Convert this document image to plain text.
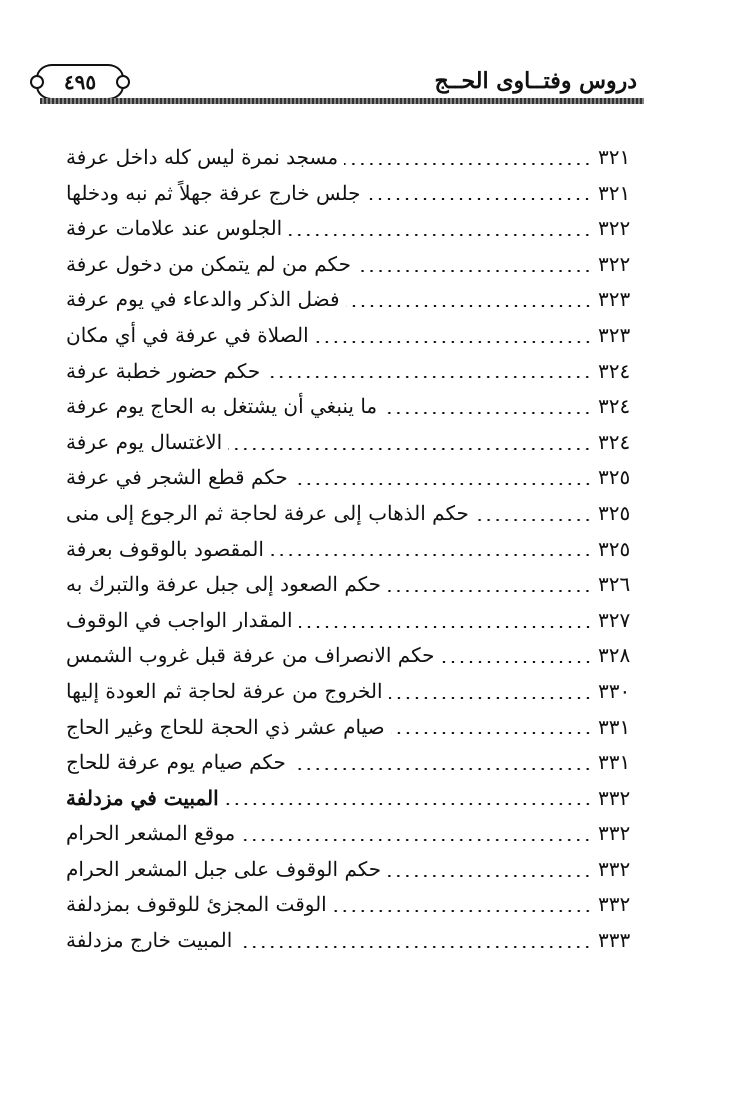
دروس وفتــاوى الحــج
٤٩٥
مسجد نمرة ليس كله داخل عرفة	٣٢١
جلس خارج عرفة جهلاً ثم نبه ودخلها	٣٢١
الجلوس عند علامات عرفة	٣٢٢
حكم من لم يتمكن من دخول عرفة	٣٢٢
فضل الذكر والدعاء في يوم عرفة	٣٢٣
الصلاة في عرفة في أي مكان	٣٢٣
حكم حضور خطبة عرفة	٣٢٤
ما ينبغي أن يشتغل به الحاج يوم عرفة	٣٢٤
الاغتسال يوم عرفة	٣٢٤
حكم قطع الشجر في عرفة	٣٢٥
حكم الذهاب إلى عرفة لحاجة ثم الرجوع إلى منى	٣٢٥
المقصود بالوقوف بعرفة	٣٢٥
حكم الصعود إلى جبل عرفة والتبرك به	٣٢٦
المقدار الواجب في الوقوف	٣٢٧
حكم الانصراف من عرفة قبل غروب الشمس	٣٢٨
الخروج من عرفة لحاجة ثم العودة إليها	٣٣٠
صيام عشر ذي الحجة للحاج وغير الحاج	٣٣١
حكم صيام يوم عرفة للحاج	٣٣١
المبيت في مزدلفة	٣٣٢
موقع المشعر الحرام	٣٣٢
حكم الوقوف على جبل المشعر الحرام	٣٣٢
الوقت المجزئ للوقوف بمزدلفة	٣٣٢
المبيت خارج مزدلفة	٣٣٣
